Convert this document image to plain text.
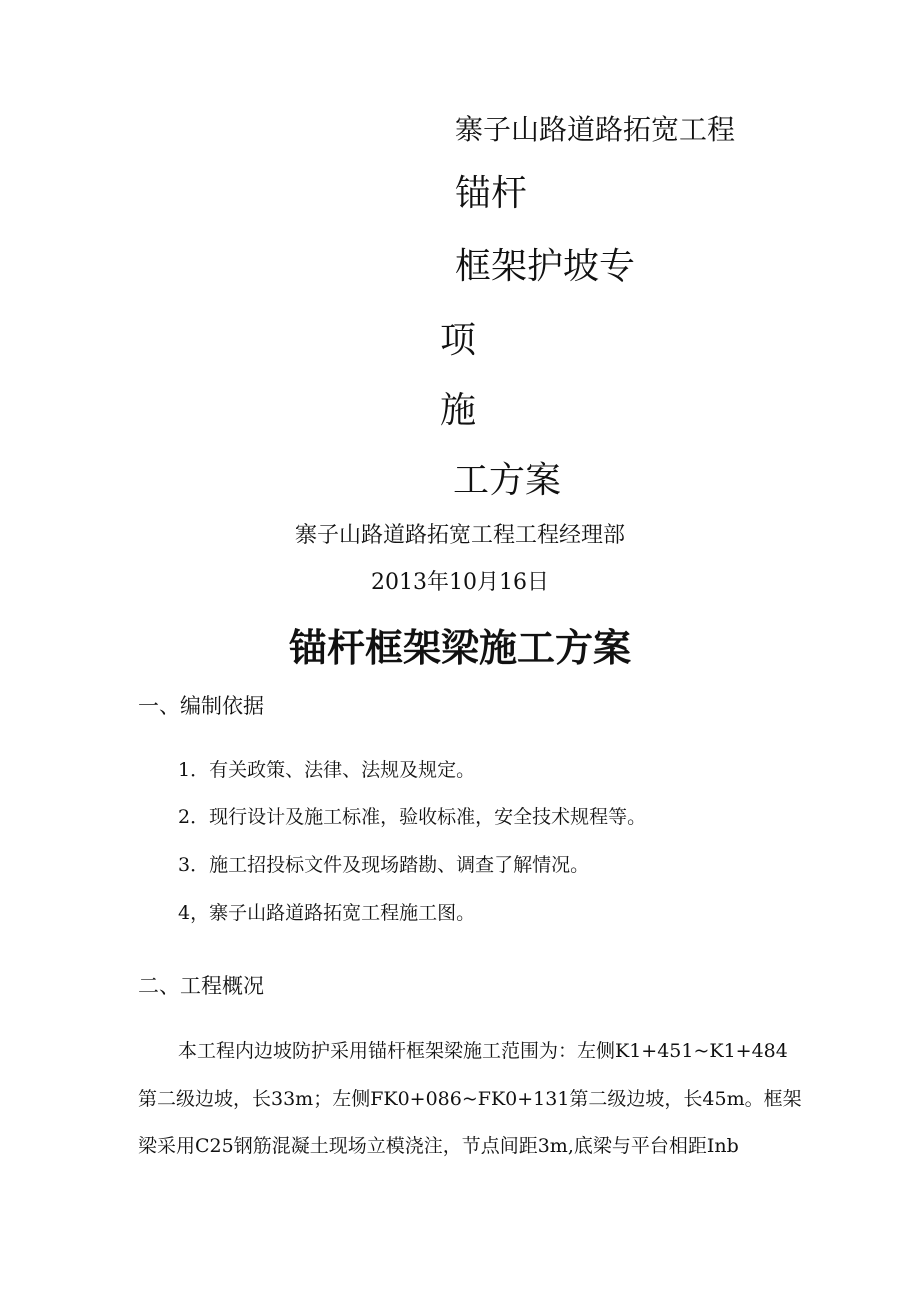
寨子山路道路拓宽工程
锚杆
框架护坡专
项
施
工方案
寨子山路道路拓宽工程工程经理部
2013年10月16日
锚杆框架梁施工方案
一、编制依据
1．有关政策、法律、法规及规定。
2．现行设计及施工标准，验收标准，安全技术规程等。
3．施工招投标文件及现场踏勘、调查了解情况。
4，寨子山路道路拓宽工程施工图。
二、工程概况
本工程内边坡防护采用锚杆框架梁施工范围为：左侧K1+451~K1+484
第二级边坡，长33m；左侧FK0+086~FK0+131第二级边坡，长45m。框架
梁采用C25钢筋混凝土现场立模浇注，节点间距3m,底梁与平台相距Inb
